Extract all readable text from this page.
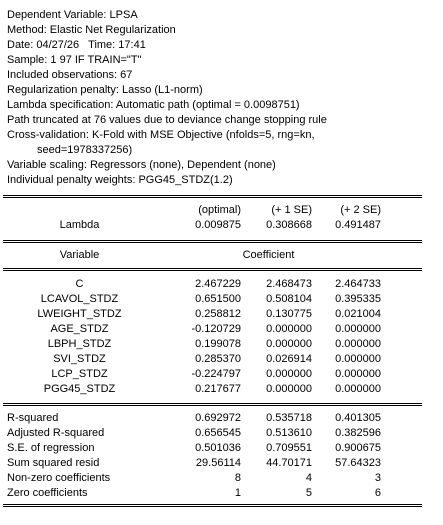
Dependent Variable: LPSA
Method: Elastic Net Regularization
Date: 04/27/26   Time: 17:41
Sample: 1 97 IF TRAIN="T"
Included observations: 67
Regularization penalty: Lasso (L1-norm)
Lambda specification: Automatic path (optimal = 0.0098751)
Path truncated at 76 values due to deviance change stopping rule
Cross-validation: K-Fold with MSE Objective (nfolds=5, rng=kn,
seed=1978337256)
Variable scaling: Regressors (none), Dependent (none)
Individual penalty weights: PGG45_STDZ(1.2)
(optimal)	(+ 1 SE)	(+ 2 SE)
Lambda	0.009875	0.308668	0.491487
Variable	Coefficient
C	2.467229	2.468473	2.464733
LCAVOL_STDZ	0.651500	0.508104	0.395335
LWEIGHT_STDZ	0.258812	0.130775	0.021004
AGE_STDZ	-0.120729	0.000000	0.000000
LBPH_STDZ	0.199078	0.000000	0.000000
SVI_STDZ	0.285370	0.026914	0.000000
LCP_STDZ	-0.224797	0.000000	0.000000
PGG45_STDZ	0.217677	0.000000	0.000000
R-squared	0.692972	0.535718	0.401305
Adjusted R-squared	0.656545	0.513610	0.382596
S.E. of regression	0.501036	0.709551	0.900675
Sum squared resid	29.56114	44.70171	57.64323
Non-zero coefficients	8	4	3
Zero coefficients	1	5	6
